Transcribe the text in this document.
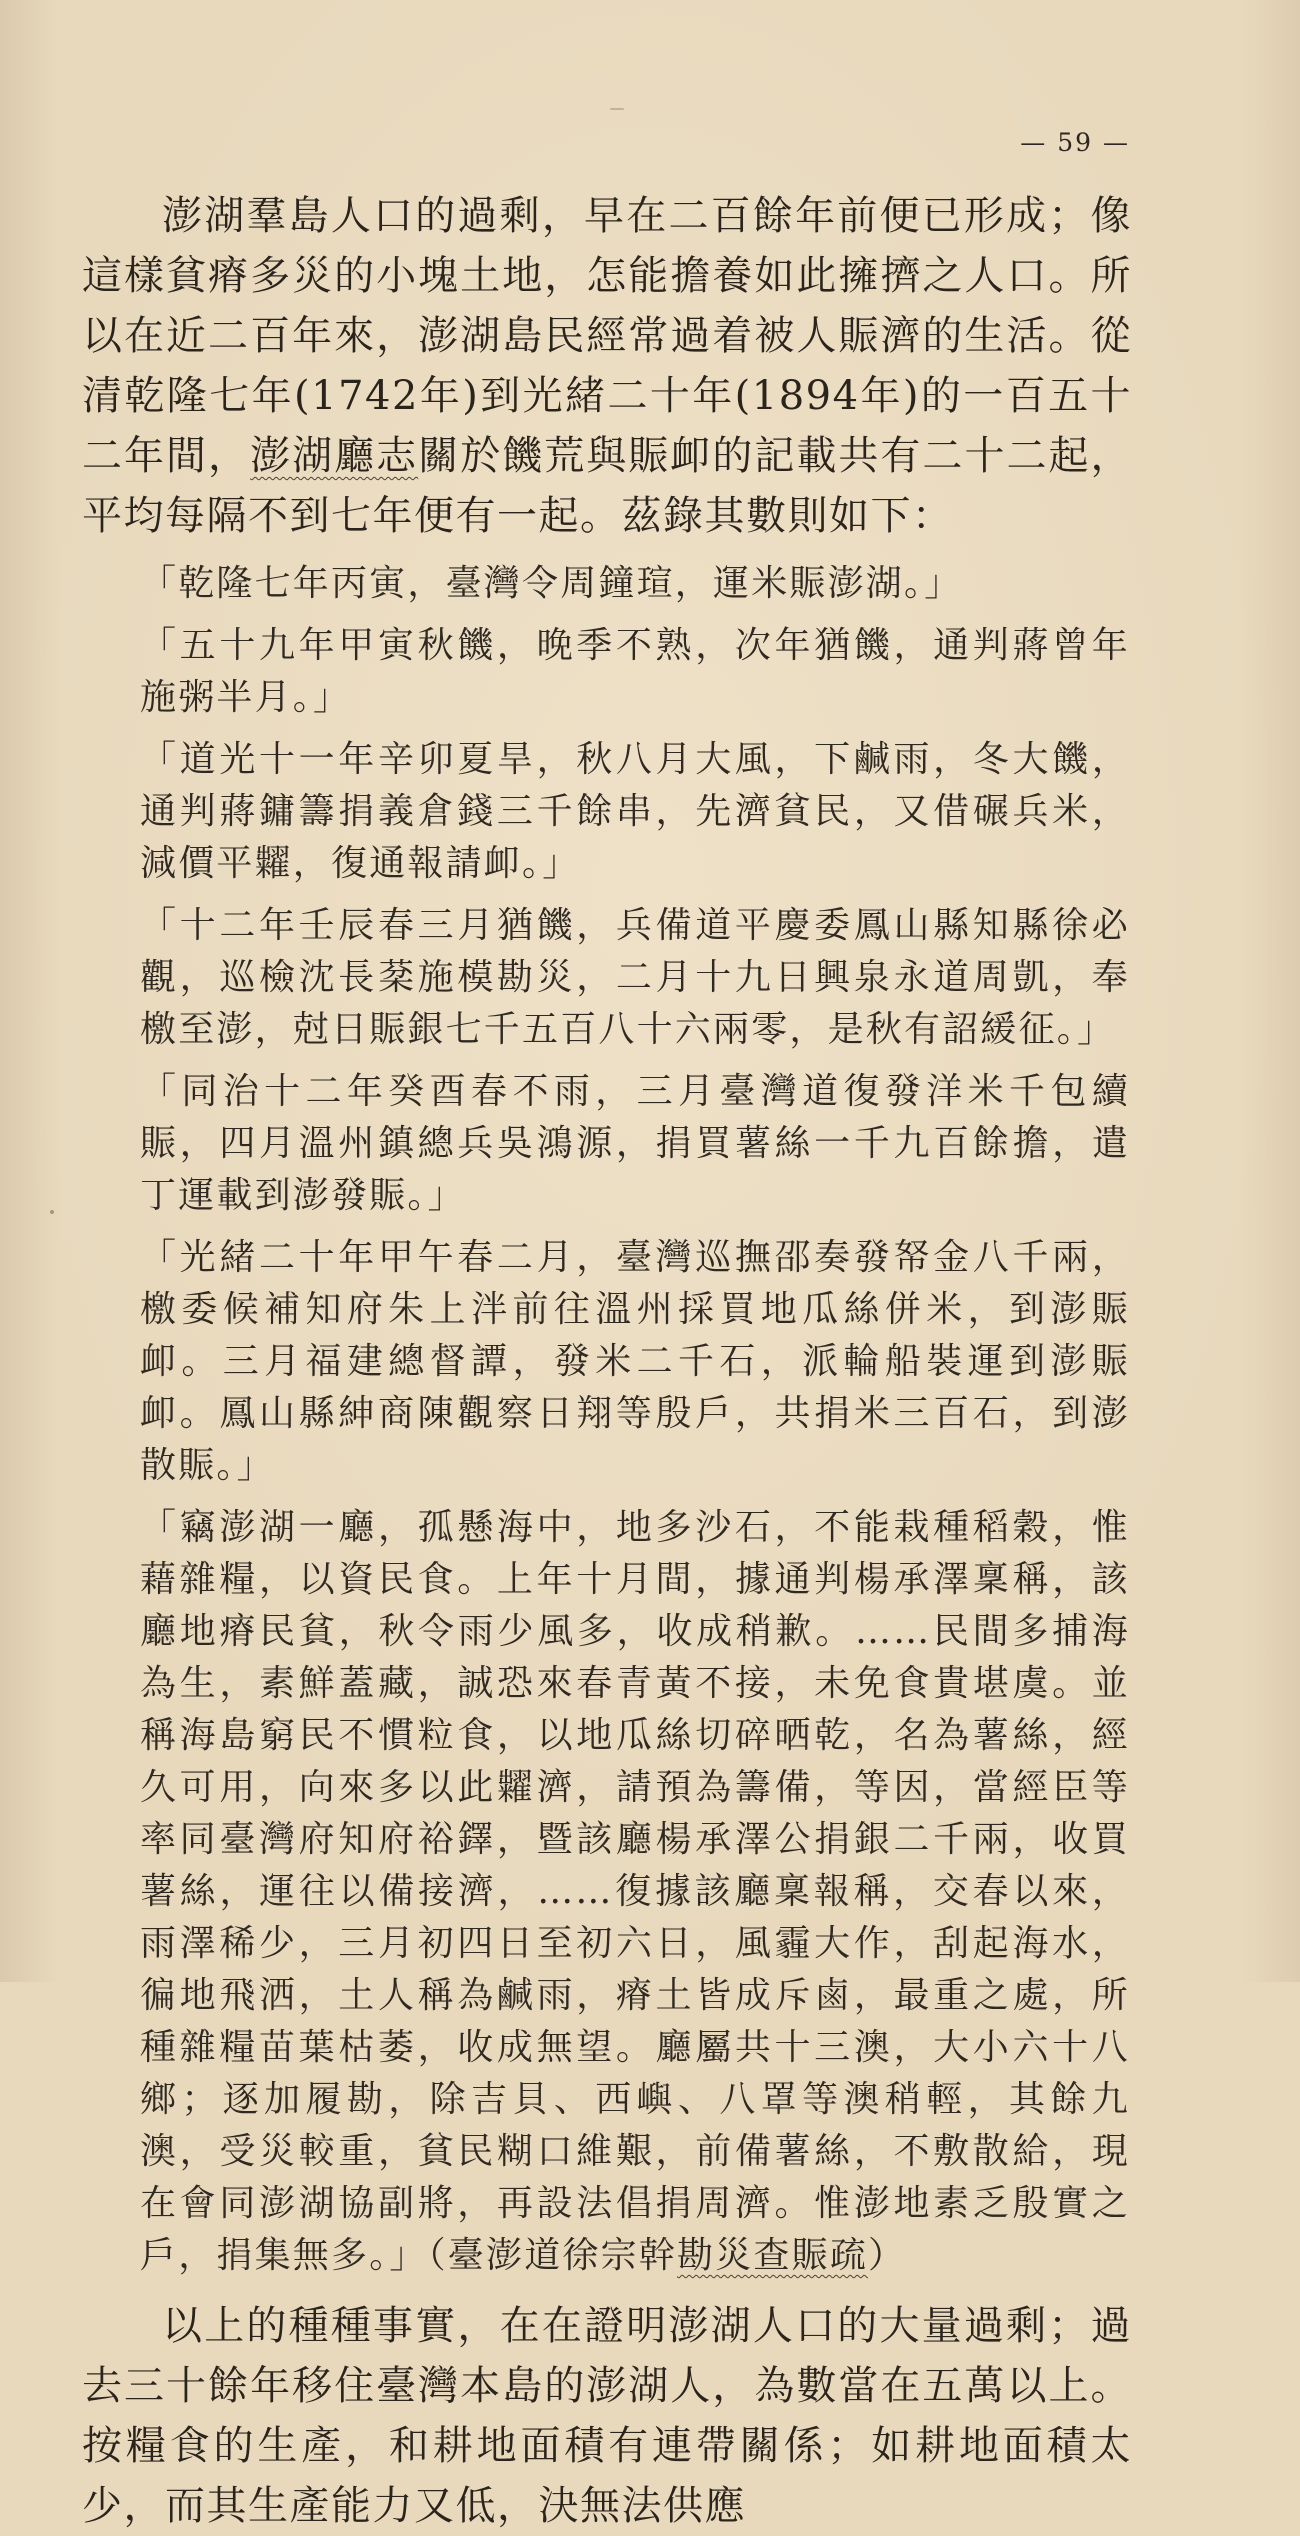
— 59 —

澎湖羣島人口的過剩，早在二百餘年前便已形成；像這樣貧瘠多災的小塊土地，怎能擔養如此擁擠之人口。所以在近二百年來，澎湖島民經常過着被人賑濟的生活。從清乾隆七年(1742年)到光緒二十年(1894年)的一百五十二年間，澎湖廳志關於饑荒與賑卹的記載共有二十二起，平均每隔不到七年便有一起。茲錄其數則如下：

「乾隆七年丙寅，臺灣令周鐘瑄，運米賑澎湖。」

「五十九年甲寅秋饑，晚季不熟，次年猶饑，通判蔣曾年施粥半月。」

「道光十一年辛卯夏旱，秋八月大風，下鹹雨，冬大饑，通判蔣鏞籌捐義倉錢三千餘串，先濟貧民，又借碾兵米，減價平糶，復通報請卹。」

「十二年壬辰春三月猶饑，兵備道平慶委鳳山縣知縣徐必觀，巡檢沈長棻施模勘災，二月十九日興泉永道周凱，奉檄至澎，尅日賑銀七千五百八十六兩零，是秋有詔緩征。」

「同治十二年癸酉春不雨，三月臺灣道復發洋米千包續賑，四月溫州鎮總兵吳鴻源，捐買薯絲一千九百餘擔，遣丁運載到澎發賑。」

「光緒二十年甲午春二月，臺灣巡撫邵奏發帑金八千兩，檄委候補知府朱上泮前往溫州採買地瓜絲併米，到澎賑卹。三月福建總督譚，發米二千石，派輪船裝運到澎賑卹。鳳山縣紳商陳觀察日翔等殷戶，共捐米三百石，到澎散賑。」

「竊澎湖一廳，孤懸海中，地多沙石，不能栽種稻穀，惟藉雜糧，以資民食。上年十月間，據通判楊承澤稟稱，該廳地瘠民貧，秋令雨少風多，收成稍歉。……民間多捕海為生，素鮮蓋藏，誠恐來春青黃不接，未免食貴堪虞。並稱海島窮民不慣粒食，以地瓜絲切碎晒乾，名為薯絲，經久可用，向來多以此糶濟，請預為籌備，等因，當經臣等率同臺灣府知府裕鐸，暨該廳楊承澤公捐銀二千兩，收買薯絲，運往以備接濟，……復據該廳稟報稱，交春以來，雨澤稀少，三月初四日至初六日，風霾大作，刮起海水，徧地飛洒，土人稱為鹹雨，瘠土皆成斥鹵，最重之處，所種雜糧苗葉枯萎，收成無望。廳屬共十三澳，大小六十八鄉；逐加履勘，除吉貝、西嶼、八罩等澳稍輕，其餘九澳，受災較重，貧民糊口維艱，前備薯絲，不敷散給，現在會同澎湖協副將，再設法倡捐周濟。惟澎地素乏殷實之戶，捐集無多。」（臺澎道徐宗幹勘災查賑疏）

以上的種種事實，在在證明澎湖人口的大量過剩；過去三十餘年移住臺灣本島的澎湖人，為數當在五萬以上。按糧食的生產，和耕地面積有連帶關係；如耕地面積太少，而其生產能力又低，決無法供應
